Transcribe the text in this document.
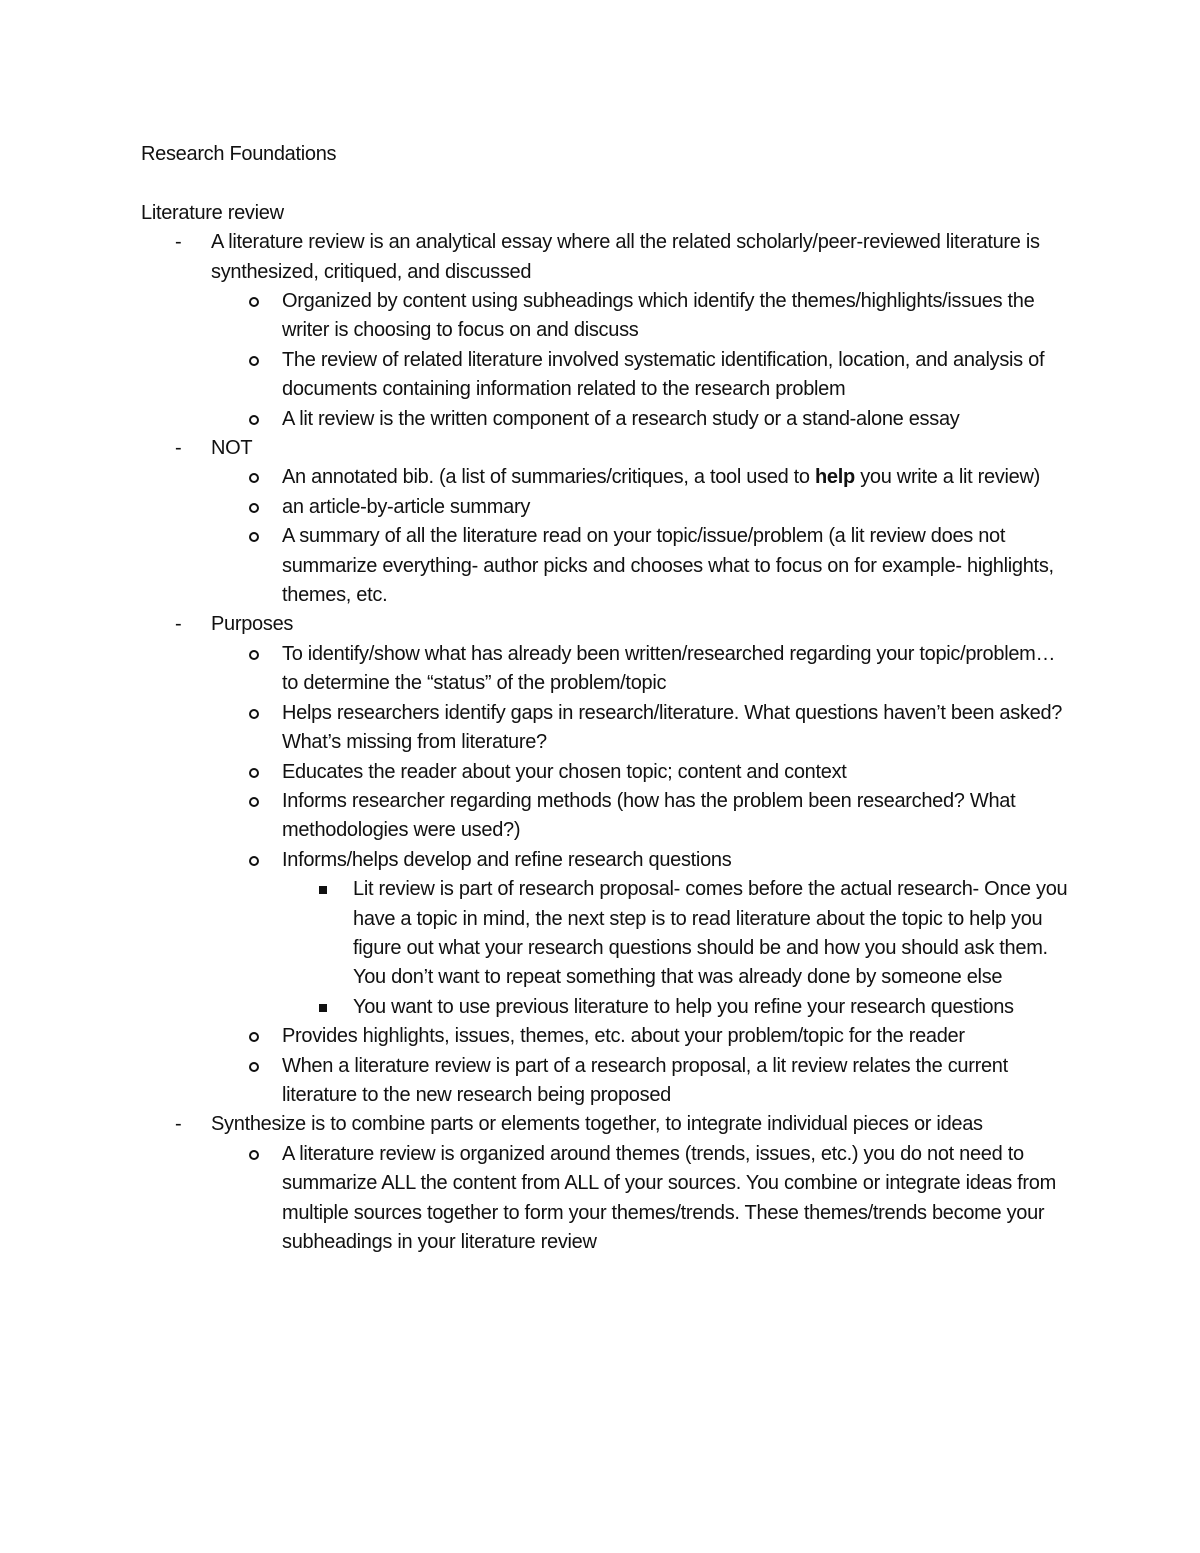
Research Foundations

Literature review

-	A literature review is an analytical essay where all the related scholarly/peer-reviewed literature is synthesized, critiqued, and discussed
Organized by content using subheadings which identify the themes/highlights/issues the writer is choosing to focus on and discuss
The review of related literature involved systematic identification, location, and analysis of documents containing information related to the research problem
A lit review is the written component of a research study or a stand-alone essay
-	NOT
An annotated bib. (a list of summaries/critiques, a tool used to help you write a lit review)
an article-by-article summary
A summary of all the literature read on your topic/issue/problem (a lit review does not summarize everything- author picks and chooses what to focus on for example- highlights, themes, etc.
-	Purposes
To identify/show what has already been written/researched regarding your topic/problem… to determine the “status” of the problem/topic
Helps researchers identify gaps in research/literature. What questions haven’t been asked? What’s missing from literature?
Educates the reader about your chosen topic; content and context
Informs researcher regarding methods (how has the problem been researched? What methodologies were used?)
Informs/helps develop and refine research questions
Lit review is part of research proposal- comes before the actual research- Once you have a topic in mind, the next step is to read literature about the topic to help you figure out what your research questions should be and how you should ask them. You don’t want to repeat something that was already done by someone else
You want to use previous literature to help you refine your research questions
Provides highlights, issues, themes, etc. about your problem/topic for the reader
When a literature review is part of a research proposal, a lit review relates the current literature to the new research being proposed
-	Synthesize is to combine parts or elements together, to integrate individual pieces or ideas
A literature review is organized around themes (trends, issues, etc.) you do not need to summarize ALL the content from ALL of your sources. You combine or integrate ideas from multiple sources together to form your themes/trends. These themes/trends become your subheadings in your literature review
